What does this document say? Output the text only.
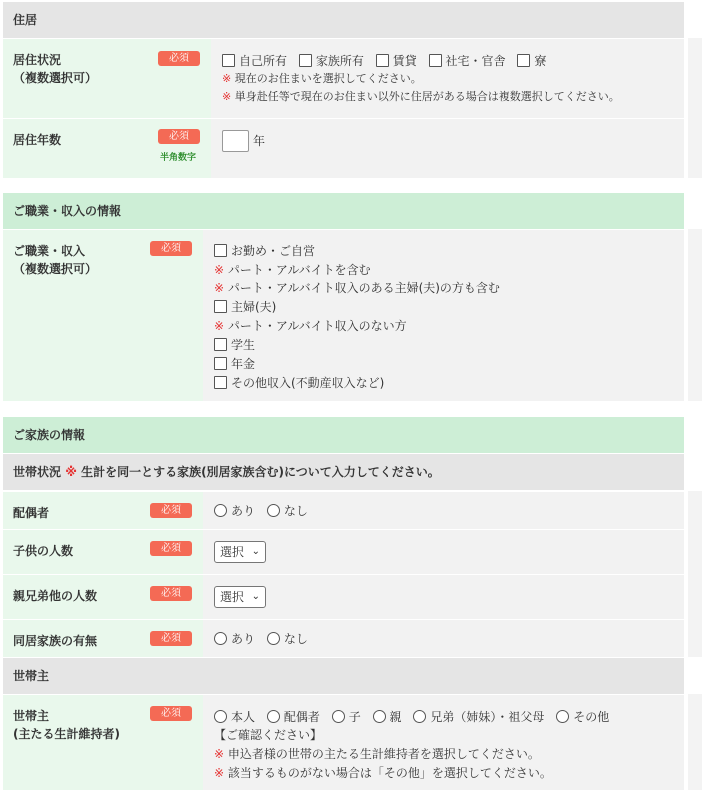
住居
居住状況
（複数選択可）
必須	自己所有 家族所有 賃貸 社宅・官舎 寮
※ 現在のお住まいを選択してください。
※ 単身赴任等で現在のお住まい以外に住居がある場合は複数選択してください。
居住年数	必須
半角数字
年
ご職業・収入の情報
ご職業・収入
（複数選択可）
必須	お勤め・ご自営
※ パート・アルバイトを含む
※ パート・アルバイト収入のある主婦(夫)の方も含む
主婦(夫)
※ パート・アルバイト収入のない方
学生
年金
その他収入(不動産収入など)
ご家族の情報
世帯状況 ※ 生計を同一とする家族(別居家族含む)について入力してください。
配偶者	必須	あり なし
子供の人数	必須	選択 ⌄
親兄弟他の人数	必須	選択 ⌄
同居家族の有無	必須	あり なし
世帯主
世帯主
(主たる生計維持者)
必須	本人 配偶者 子 親 兄弟（姉妹）・祖父母 その他
【ご確認ください】
※ 申込者様の世帯の主たる生計維持者を選択してください。
※ 該当するものがない場合は「その他」を選択してください。
